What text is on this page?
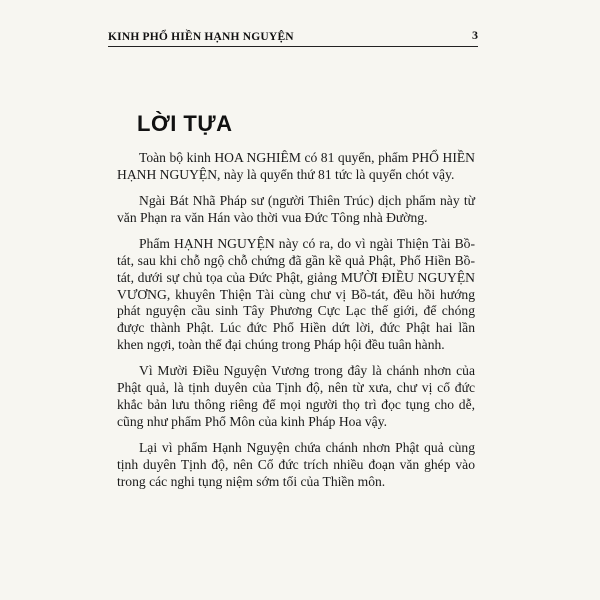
KINH PHỔ HIỀN HẠNH NGUYỆN	3
LỜI TỰA

Toàn bộ kinh HOA NGHIÊM có 81 quyển, phẩm PHỔ HIỀN HẠNH NGUYỆN, này là quyển thứ 81 tức là quyển chót vậy.

Ngài Bát Nhã Pháp sư (người Thiên Trúc) dịch phẩm này từ văn Phạn ra văn Hán vào thời vua Đức Tông nhà Đường.

Phẩm HẠNH NGUYỆN này có ra, do vì ngài Thiện Tài Bồ-tát, sau khi chỗ ngộ chỗ chứng đã gần kề quả Phật, Phổ Hiền Bồ-tát, dưới sự chủ tọa của Đức Phật, giảng MƯỜI ĐIỀU NGUYỆN VƯƠNG, khuyên Thiện Tài cùng chư vị Bồ-tát, đều hồi hướng phát nguyện cầu sinh Tây Phương Cực Lạc thế giới, để chóng được thành Phật. Lúc đức Phổ Hiền dứt lời, đức Phật hai lần khen ngợi, toàn thể đại chúng trong Pháp hội đều tuân hành.

Vì Mười Điều Nguyện Vương trong đây là chánh nhơn của Phật quả, là tịnh duyên của Tịnh độ, nên từ xưa, chư vị cổ đức khắc bản lưu thông riêng để mọi người thọ trì đọc tụng cho dễ, cũng như phẩm Phổ Môn của kinh Pháp Hoa vậy.

Lại vì phẩm Hạnh Nguyện chứa chánh nhơn Phật quả cùng tịnh duyên Tịnh độ, nên Cổ đức trích nhiều đoạn văn ghép vào trong các nghi tụng niệm sớm tối của Thiền môn.
